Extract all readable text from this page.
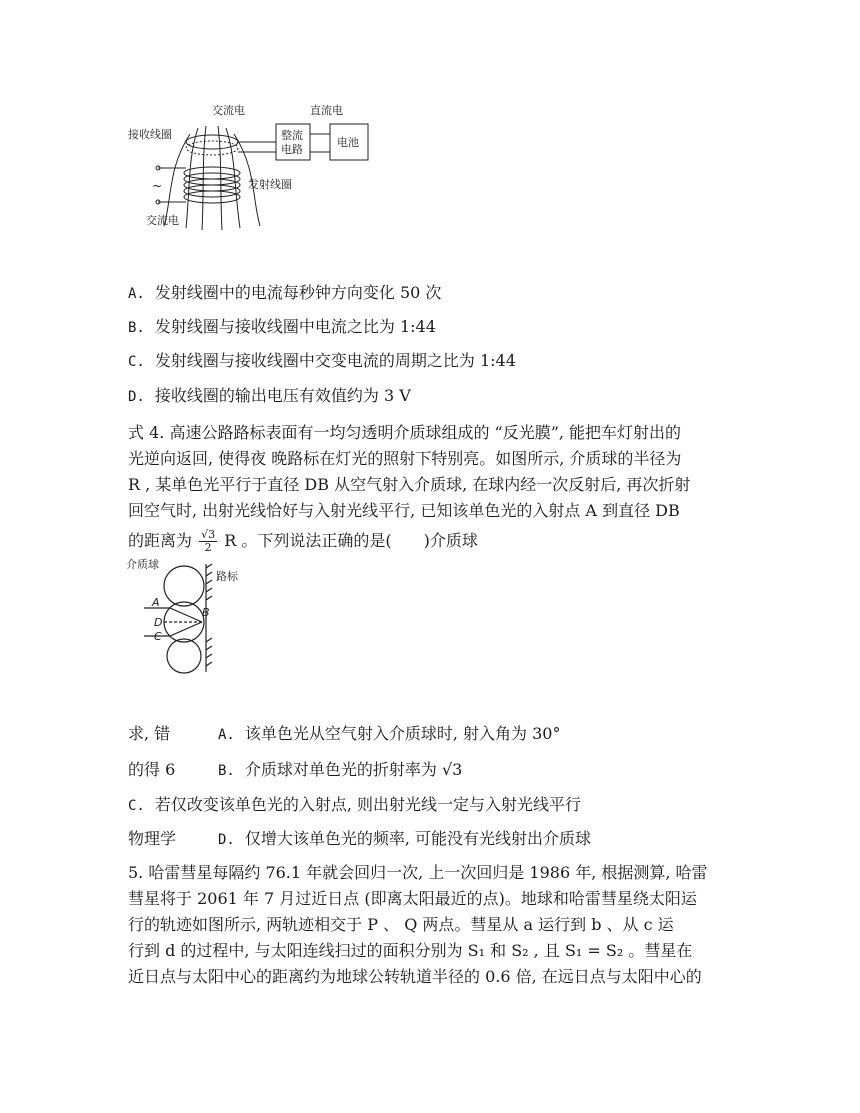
交流电	直流电
接收线圈	整流
电路
电池
发射线圈
~
交流电
A. 发射线圈中的电流每秒钟方向变化 50 次
B. 发射线圈与接收线圈中电流之比为 1:44
C. 发射线圈与接收线圈中交变电流的周期之比为 1:44
D. 接收线圈的输出电压有效值约为 3 V
式 4. 高速公路路标表面有一均匀透明介质球组成的 “反光膜”, 能把车灯射出的
光逆向返回, 使得夜 晚路标在灯光的照射下特别亮。如图所示, 介质球的半径为
R , 某单色光平行于直径 DB 从空气射入介质球, 在球内经一次反射后, 再次折射
回空气时, 出射光线恰好与入射光线平行, 已知该单色光的入射点 A 到直径 DB
的距离为 $\frac{√3}{2}$ R 。下列说法正确的是(　　)介质球
介质球
路标
A
D
B
C
求, 错	A. 该单色光从空气射入介质球时, 射入角为 30°
的得 6	B. 介质球对单色光的折射率为 √3
C. 若仅改变该单色光的入射点, 则出射光线一定与入射光线平行
物理学	D. 仅增大该单色光的频率, 可能没有光线射出介质球
5. 哈雷彗星每隔约 76.1 年就会回归一次, 上一次回归是 1986 年, 根据测算, 哈雷
彗星将于 2061 年 7 月过近日点 (即离太阳最近的点)。地球和哈雷彗星绕太阳运
行的轨迹如图所示, 两轨迹相交于 P 、 Q 两点。彗星从 a 运行到 b 、从 c 运
行到 d 的过程中, 与太阳连线扫过的面积分别为 S₁ 和 S₂ , 且 S₁ = S₂ 。彗星在
近日点与太阳中心的距离约为地球公转轨道半径的 0.6 倍, 在远日点与太阳中心的
